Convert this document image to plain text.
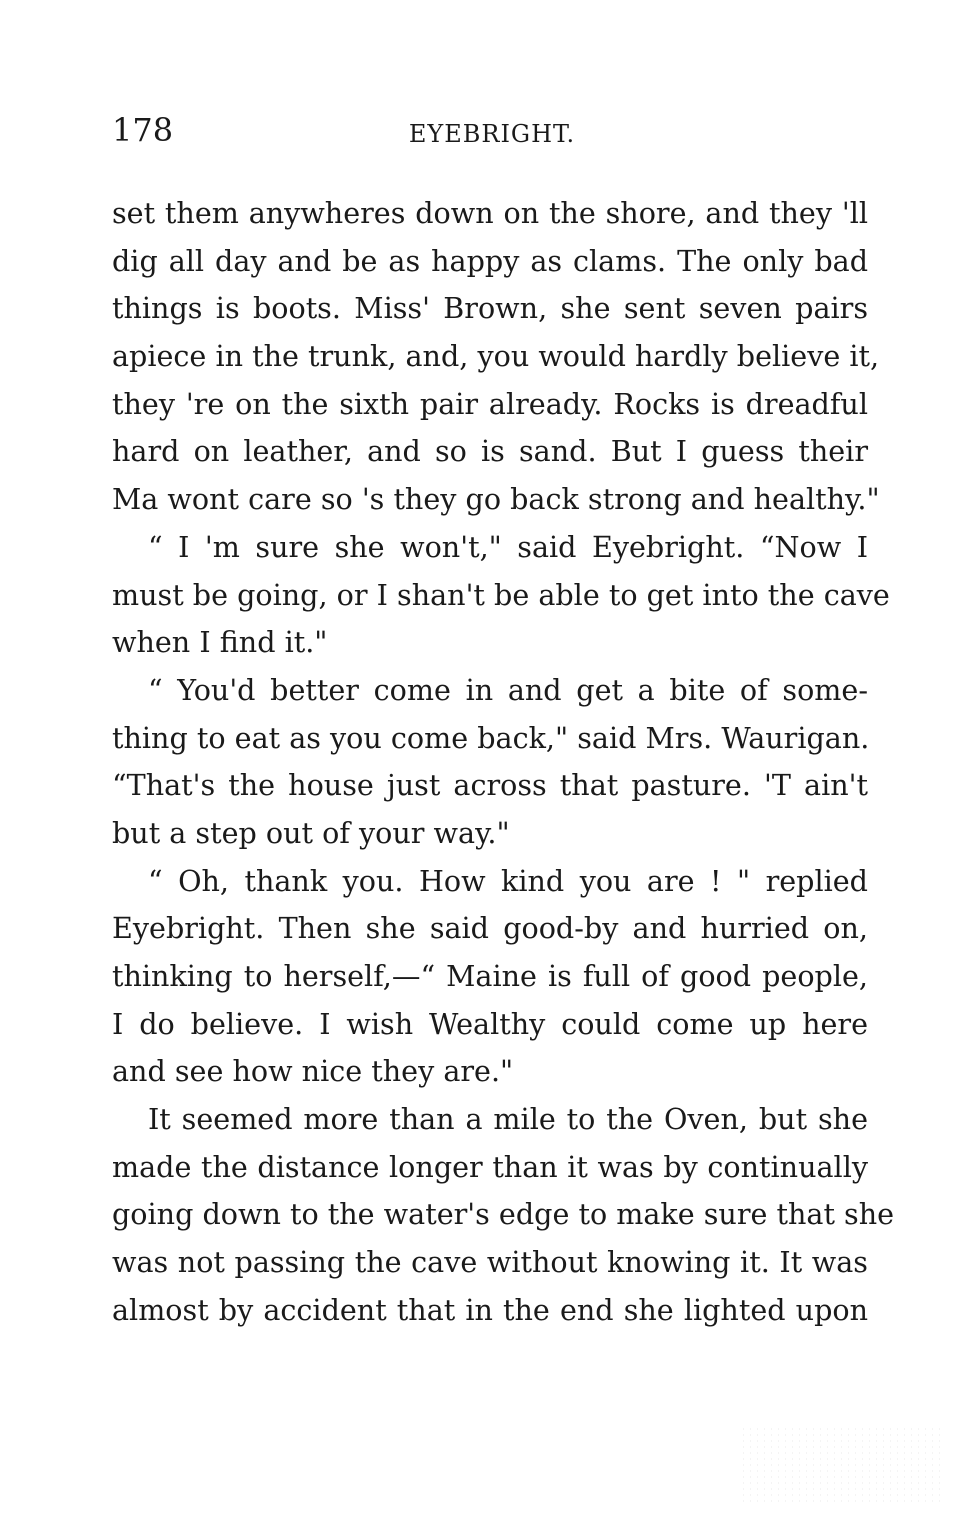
178	EYEBRIGHT.
set them anywheres down on the shore, and they 'll
dig all day and be as happy as clams. The only bad
things is boots. Miss' Brown, she sent seven pairs
apiece in the trunk, and, you would hardly believe it,
they 're on the sixth pair already. Rocks is dreadful
hard on leather, and so is sand. But I guess their
Ma wont care so 's they go back strong and healthy."
“ I 'm sure she won't," said Eyebright. “Now I
must be going, or I shan't be able to get into the cave
when I find it."
“ You'd better come in and get a bite of some-
thing to eat as you come back," said Mrs. Waurigan.
“That's the house just across that pasture. 'T ain't
but a step out of your way."
“ Oh, thank you. How kind you are ! " replied
Eyebright. Then she said good-by and hurried on,
thinking to herself,—“ Maine is full of good people,
I do believe. I wish Wealthy could come up here
and see how nice they are."
It seemed more than a mile to the Oven, but she
made the distance longer than it was by continually
going down to the water's edge to make sure that she
was not passing the cave without knowing it. It was
almost by accident that in the end she lighted upon
